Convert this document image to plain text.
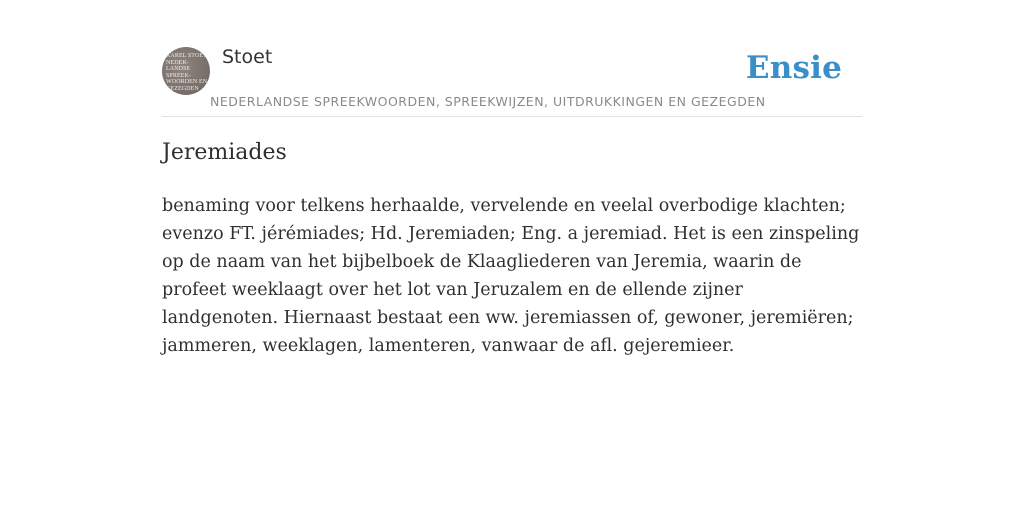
KAREL STOET
NEDER-
LANDSE
SPREEK-
WOORDEN EN
GEZEGDEN
Stoet
NEDERLANDSE SPREEKWOORDEN, SPREEKWIJZEN, UITDRUKKINGEN EN GEZEGDEN
Ensie
Jeremiades

benaming voor telkens herhaalde, vervelende en veelal overbodige klachten; evenzo FT. jérémiades; Hd. Jeremiaden; Eng. a jeremiad. Het is een zinspeling op de naam van het bijbelboek de Klaagliederen van Jeremia, waarin de profeet weeklaagt over het lot van Jeruzalem en de ellende zijner landgenoten. Hiernaast bestaat een ww. jeremiassen of, gewoner, jeremiëren; jammeren, weeklagen, lamenteren, vanwaar de afl. gejeremieer.
